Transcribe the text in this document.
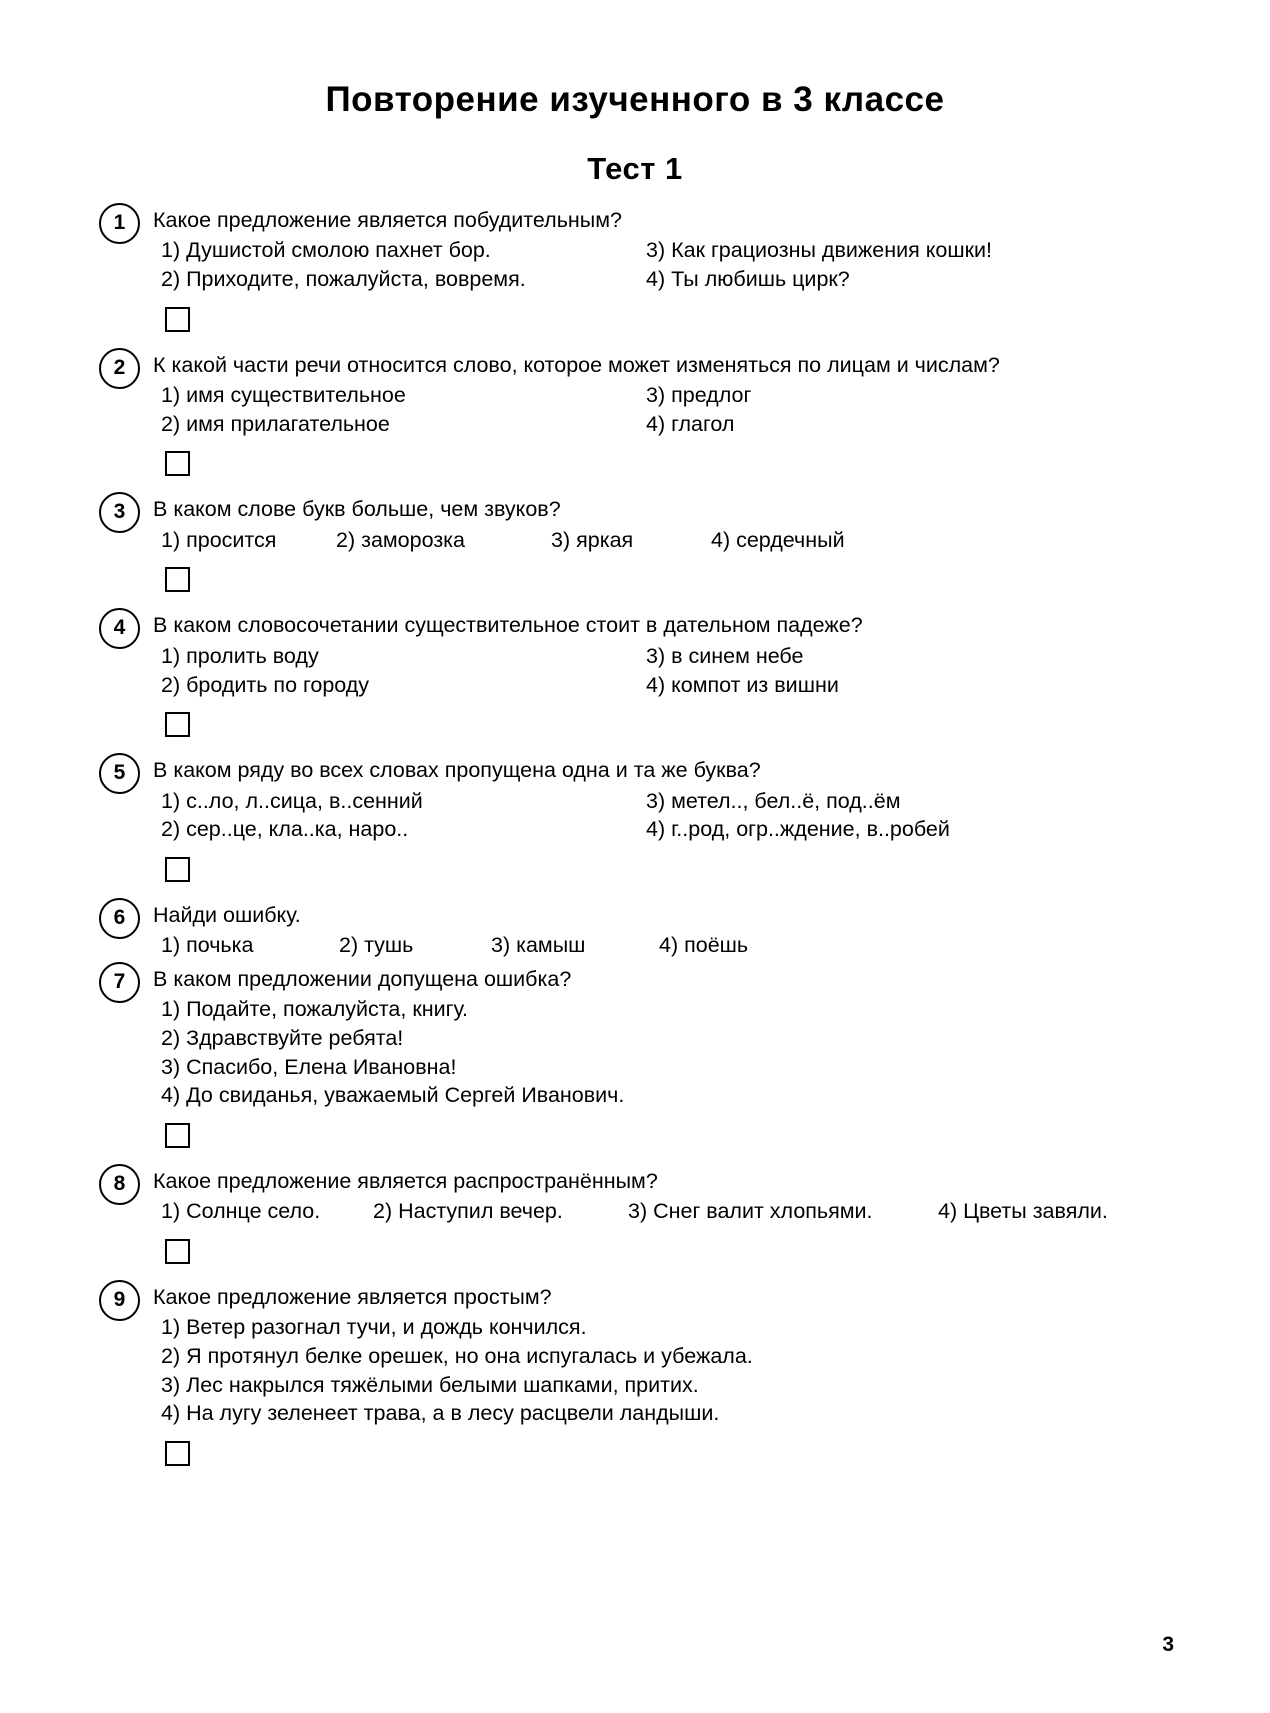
Повторение изученного в 3 классе
Тест 1
1	Какое предложение является побудительным?

1) Душистой смолою пахнет бор.	3) Как грациозны движения кошки!
2) Приходите, пожалуйста, вовремя.	4) Ты любишь цирк?
2	К какой части речи относится слово, которое может изменяться по лицам и числам?

1) имя существительное	3) предлог
2) имя прилагательное	4) глагол
3	В каком слове букв больше, чем звуков?

1) просится	2) заморозка	3) яркая	4) сердечный
4	В каком словосочетании существительное стоит в дательном падеже?

1) пролить воду	3) в синем небе
2) бродить по городу	4) компот из вишни
5	В каком ряду во всех словах пропущена одна и та же буква?

1) с..ло, л..сица, в..сенний	3) метел.., бел..ё, под..ём
2) сер..це, кла..ка, наро..	4) г..род, огр..ждение, в..робей
6	Найди ошибку.

1) почька	2) тушь	3) камыш	4) поёшь
7	В каком предложении допущена ошибка?

1) Подайте, пожалуйста, книгу.
2) Здравствуйте ребята!
3) Спасибо, Елена Ивановна!
4) До свиданья, уважаемый Сергей Иванович.
8	Какое предложение является распространённым?

1) Солнце село. 2) Наступил вечер.	3) Снег валит хлопьями.	4) Цветы завяли.
9	Какое предложение является простым?

1) Ветер разогнал тучи, и дождь кончился.
2) Я протянул белке орешек, но она испугалась и убежала.
3) Лес накрылся тяжёлыми белыми шапками, притих.
4) На лугу зеленеет трава, а в лесу расцвели ландыши.
3
